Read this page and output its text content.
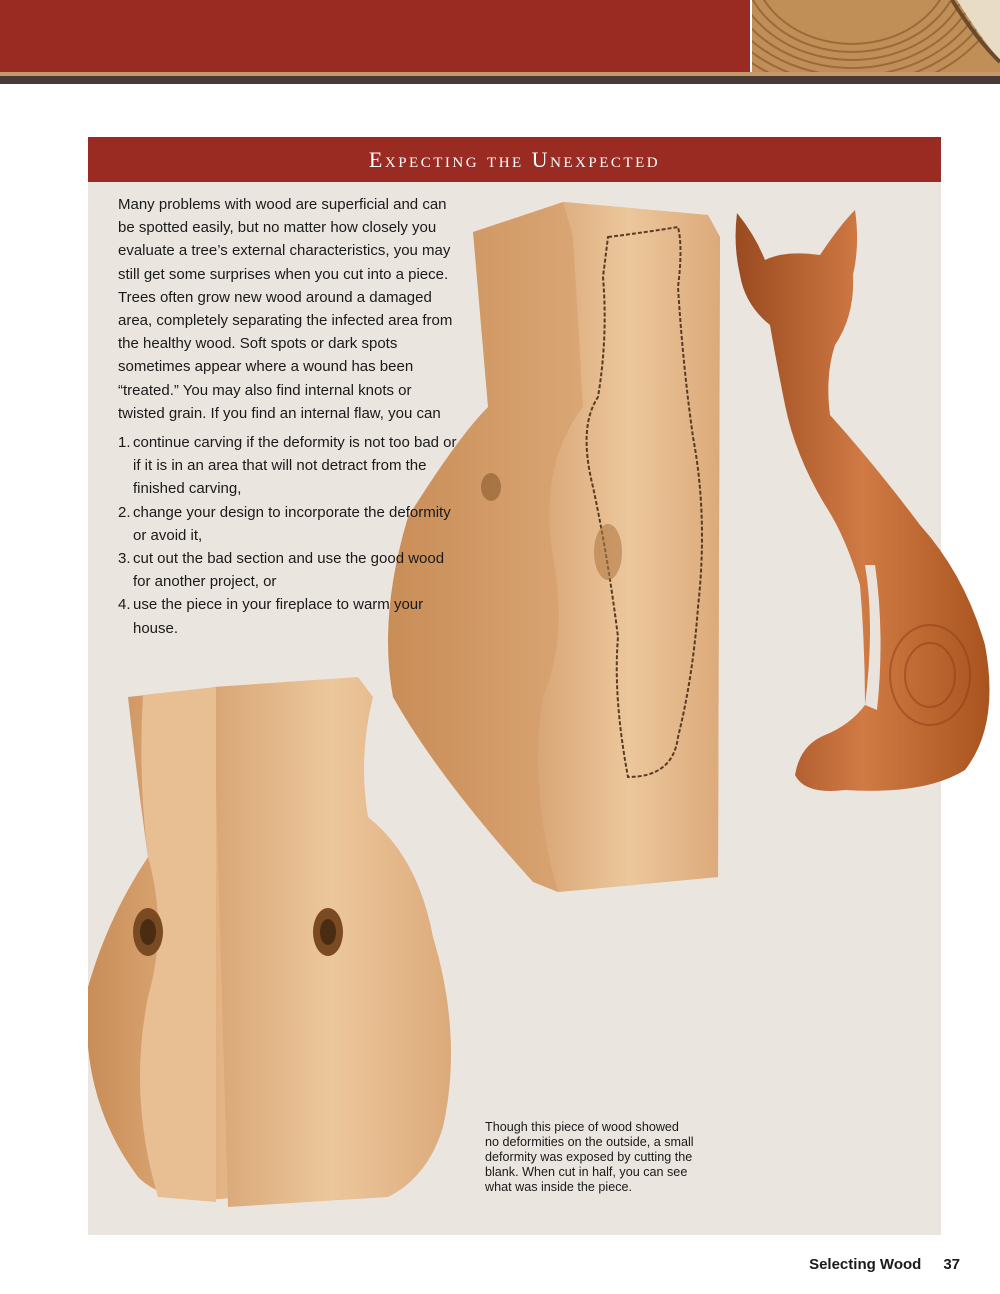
Expecting the Unexpected

Many problems with wood are superficial and can be spotted easily, but no matter how closely you evaluate a tree’s external characteristics, you may still get some surprises when you cut into a piece. Trees often grow new wood around a damaged area, completely separating the infected area from the healthy wood. Soft spots or dark spots sometimes appear where a wound has been “treated.” You may also find internal knots or twisted grain. If you find an internal flaw, you can

1. continue carving if the deformity is not too bad or if it is in an area that will not detract from the finished carving,
2. change your design to incorporate the deformity or avoid it,
3. cut out the bad section and use the good wood for another project, or
4. use the piece in your fireplace to warm your house.
Though this piece of wood showed no deformities on the outside, a small deformity was exposed by cutting the blank. When cut in half, you can see what was inside the piece.
Selecting Wood 37
